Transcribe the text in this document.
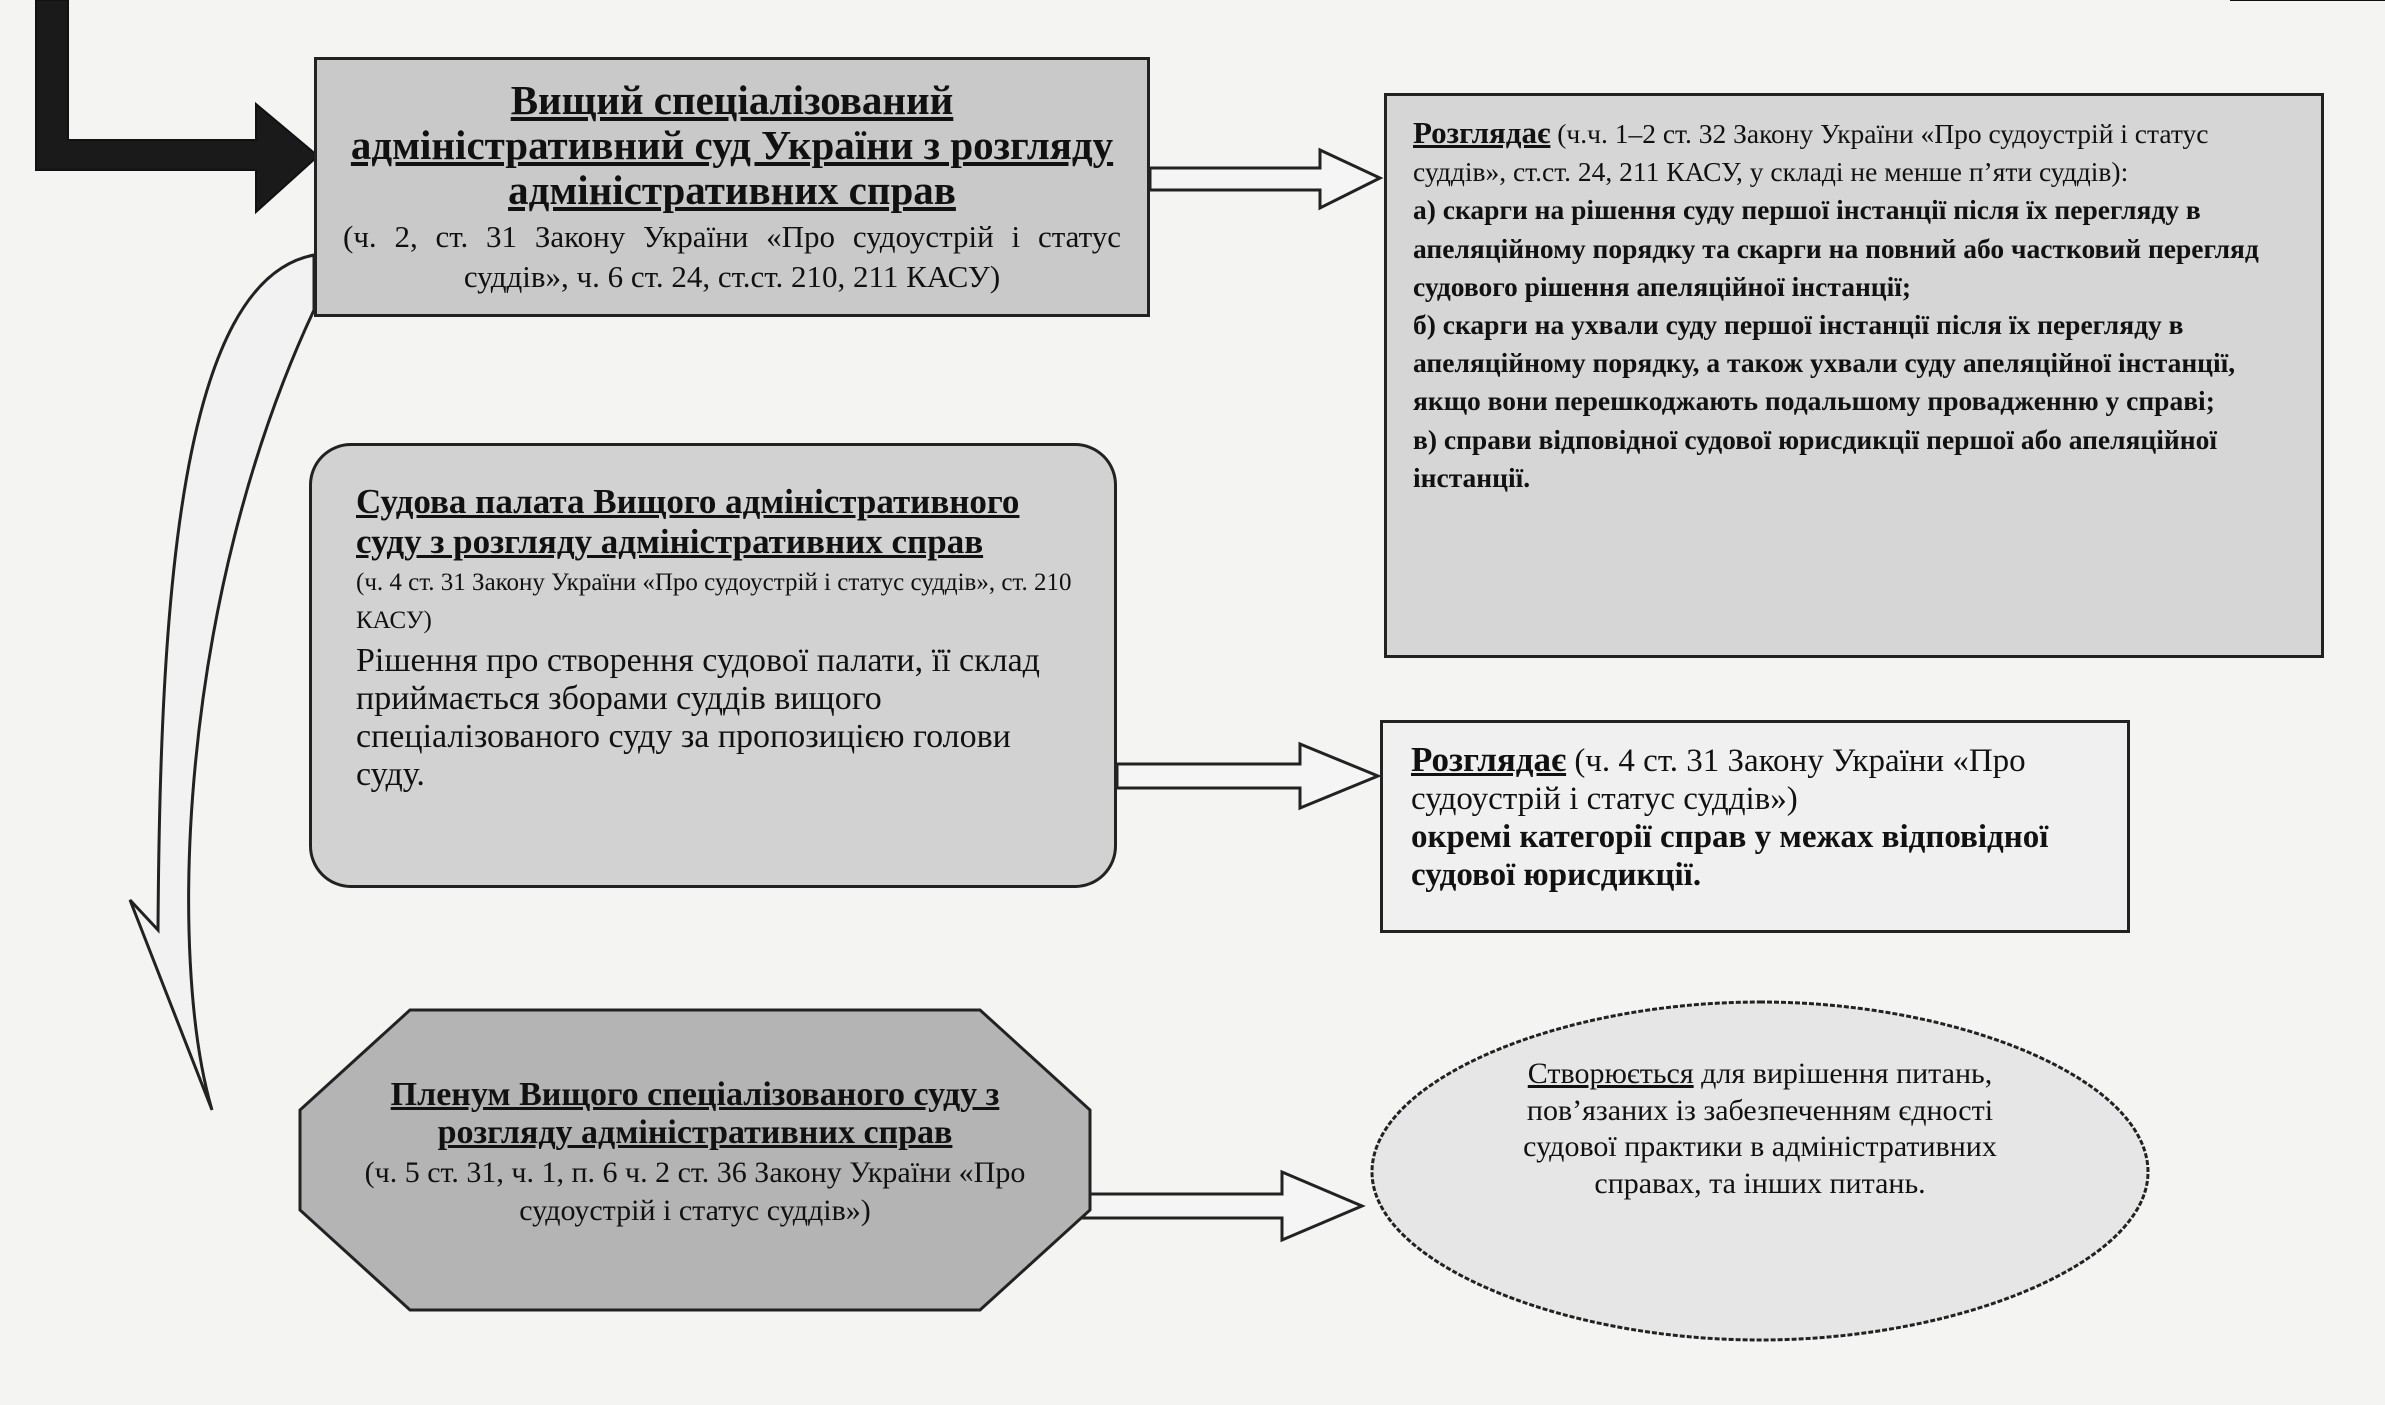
Вищий спеціалізований адміністративний суд України з розгляду адміністративних справ
(ч. 2, ст. 31 Закону України «Про судоустрій і статус суддів», ч. 6 ст. 24, ст.ст. 210, 211 КАСУ)

Розглядає (ч.ч. 1–2 ст. 32 Закону України «Про судоустрій і статус суддів», ст.ст. 24, 211 КАСУ, у складі не менше п’яти суддів):

а) скарги на рішення суду першої інстанції після їх перегляду в апеляційному порядку та скарги на повний або частковий перегляд судового рішення апеляційної інстанції;

б) скарги на ухвали суду першої інстанції після їх перегляду в апеляційному порядку, а також ухвали суду апеляційної інстанції, якщо вони перешкоджають подальшому провадженню у справі;

в) справи відповідної судової юрисдикції першої або апеляційної інстанції.

Судова палата Вищого адміністративного суду з розгляду адміністративних справ
(ч. 4 ст. 31 Закону України «Про судоустрій і статус суддів», ст. 210 КАСУ)
Рішення про створення судової палати, її склад приймається зборами суддів вищого спеціалізованого суду за пропозицією голови суду.	Розглядає (ч. 4 ст. 31 Закону України «Про судоустрій і статус суддів»)
окремі категорії справ у межах відповідної судової юрисдикції.
Пленум Вищого спеціалізованого суду з розгляду адміністративних справ
(ч. 5 ст. 31, ч. 1, п. 6 ч. 2 ст. 36 Закону України «Про судоустрій і статус суддів»)
Створюється для вирішення питань, пов’язаних із забезпеченням єдності судової практики в адміністративних справах, та інших питань.
